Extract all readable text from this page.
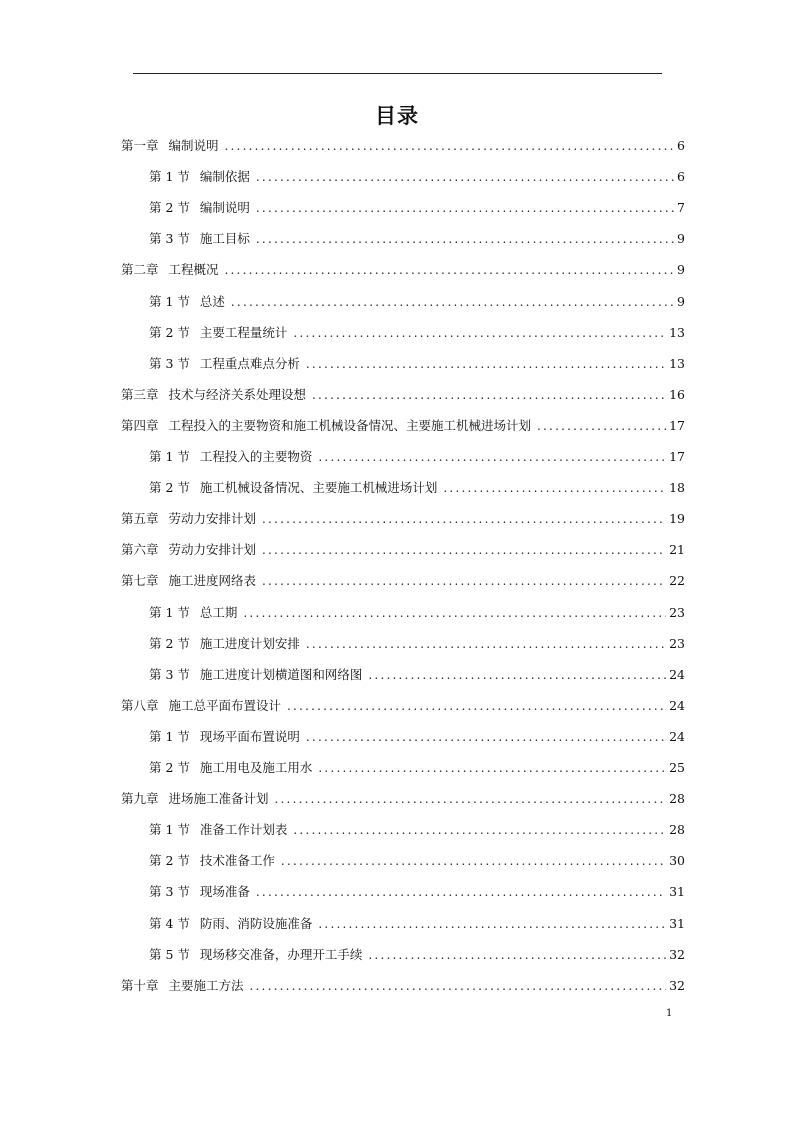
目录
第一章 编制说明 .....	6
第 1 节 编制依据 .....	6
第 2 节 编制说明 .....	7
第 3 节 施工目标 .....	9
第二章 工程概况 .....	9
第 1 节 总述 .....	9
第 2 节 主要工程量统计 .....	13
第 3 节 工程重点难点分析 .....	13
第三章 技术与经济关系处理设想 .....	16
第四章 工程投入的主要物资和施工机械设备情况、主要施工机械进场计划 .....	17
第 1 节 工程投入的主要物资 .....	17
第 2 节 施工机械设备情况、主要施工机械进场计划 .....	18
第五章 劳动力安排计划 .....	19
第六章 劳动力安排计划 .....	21
第七章 施工进度网络表 .....	22
第 1 节 总工期 .....	23
第 2 节 施工进度计划安排 .....	23
第 3 节 施工进度计划横道图和网络图 .....	24
第八章 施工总平面布置设计 .....	24
第 1 节 现场平面布置说明 .....	24
第 2 节 施工用电及施工用水 .....	25
第九章 进场施工准备计划 .....	28
第 1 节 准备工作计划表 .....	28
第 2 节 技术准备工作 .....	30
第 3 节 现场准备 .....	31
第 4 节 防雨、消防设施准备 .....	31
第 5 节 现场移交准备，办理开工手续 .....	32
第十章 主要施工方法 .....	32
1
